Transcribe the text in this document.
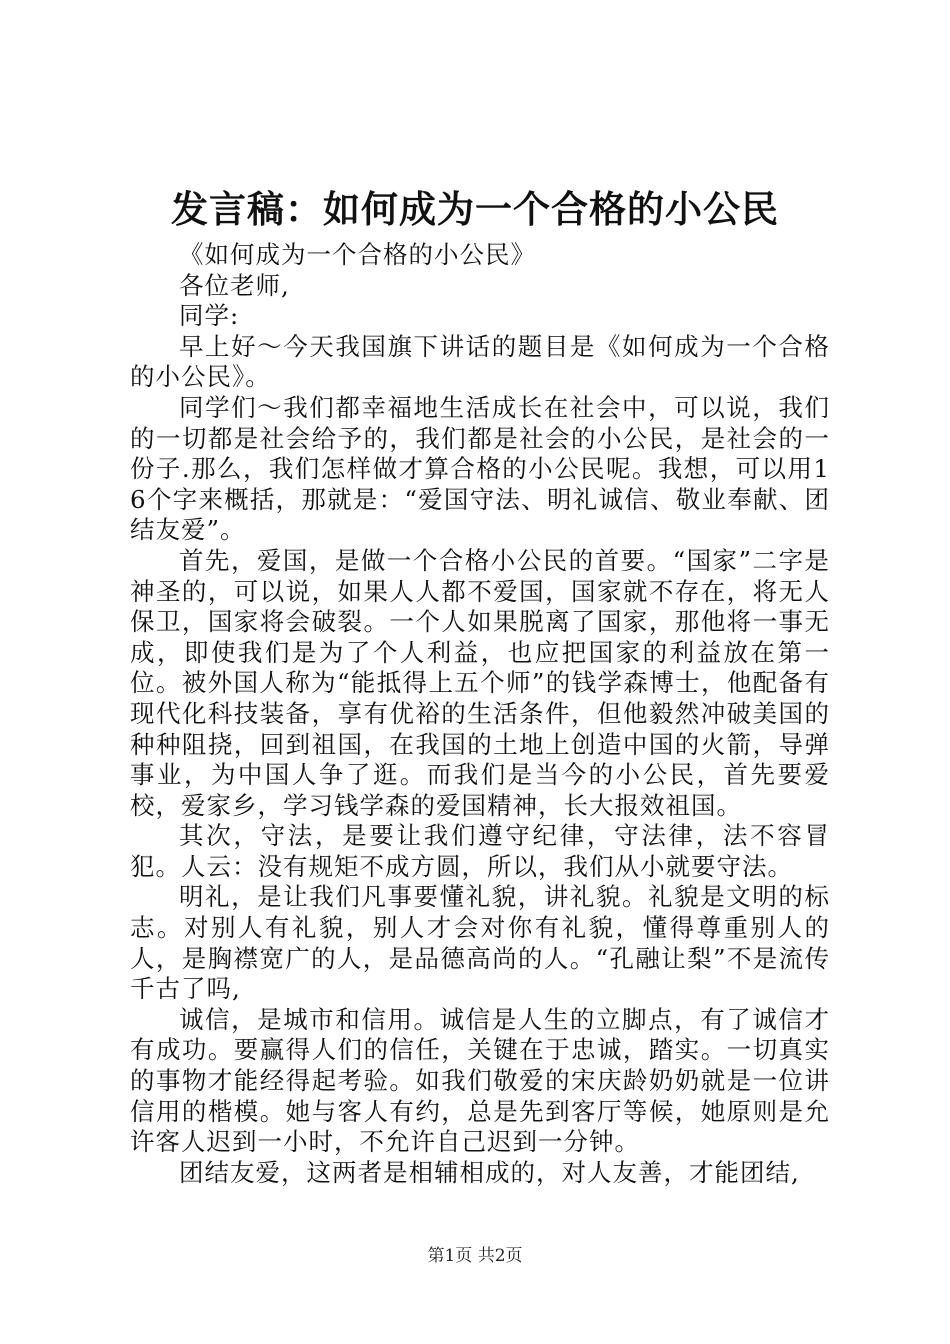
发言稿：如何成为一个合格的小公民

《如何成为一个合格的小公民》

各位老师,

同学:

早上好～今天我国旗下讲话的题目是《如何成为一个合格的小公民》。

同学们～我们都幸福地生活成长在社会中，可以说，我们的一切都是社会给予的，我们都是社会的小公民，是社会的一份子.那么，我们怎样做才算合格的小公民呢。我想，可以用16个字来概括，那就是：“爱国守法、明礼诚信、敬业奉献、团结友爱”。

首先，爱国，是做一个合格小公民的首要。“国家”二字是神圣的，可以说，如果人人都不爱国，国家就不存在，将无人保卫，国家将会破裂。一个人如果脱离了国家，那他将一事无成，即使我们是为了个人利益，也应把国家的利益放在第一位。被外国人称为“能抵得上五个师”的钱学森博士，他配备有现代化科技装备，享有优裕的生活条件，但他毅然冲破美国的种种阻挠，回到祖国，在我国的土地上创造中国的火箭，导弹事业，为中国人争了逛。而我们是当今的小公民，首先要爱校，爱家乡，学习钱学森的爱国精神，长大报效祖国。

其次，守法，是要让我们遵守纪律，守法律，法不容冒犯。人云：没有规矩不成方圆，所以，我们从小就要守法。

明礼，是让我们凡事要懂礼貌，讲礼貌。礼貌是文明的标志。对别人有礼貌，别人才会对你有礼貌，懂得尊重别人的人，是胸襟宽广的人，是品德高尚的人。“孔融让梨”不是流传千古了吗,

诚信，是城市和信用。诚信是人生的立脚点，有了诚信才有成功。要赢得人们的信任，关键在于忠诚，踏实。一切真实的事物才能经得起考验。如我们敬爱的宋庆龄奶奶就是一位讲信用的楷模。她与客人有约，总是先到客厅等候，她原则是允许客人迟到一小时，不允许自己迟到一分钟。

团结友爱，这两者是相辅相成的，对人友善，才能团结,

第1页 共2页
